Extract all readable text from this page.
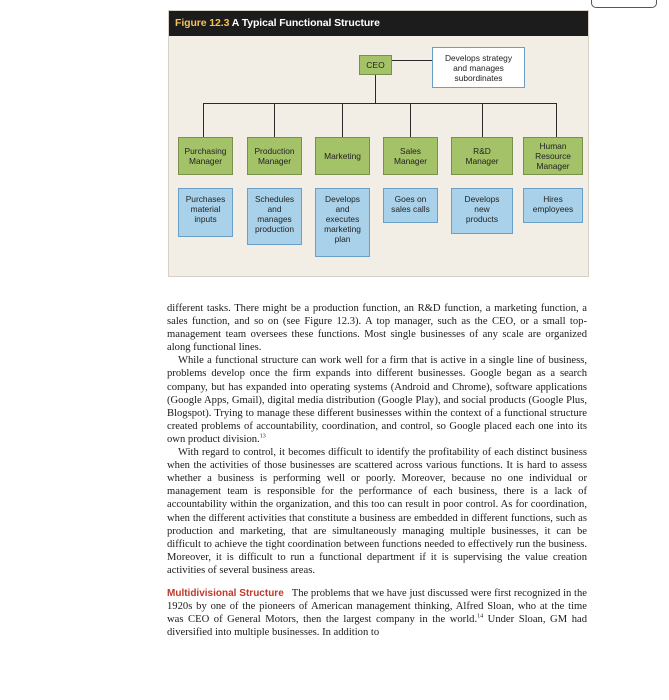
Figure 12.3 A Typical Functional Structure
CEO
Develops strategy
and manages
subordinates
Purchasing
Manager
Production
Manager	Marketing	Sales
Manager
R&D
Manager
Human
Resource
Manager
Purchases
material
inputs
Schedules
and
manages
production
Develops
and
executes
marketing
plan
Goes on
sales calls
Develops
new
products
Hires
employees

different tasks. There might be a production function, an R&D function, a marketing function, a sales function, and so on (see Figure 12.3). A top manager, such as the CEO, or a small top-management team oversees these functions. Most single businesses of any scale are organized along functional lines.

While a functional structure can work well for a firm that is active in a single line of business, problems develop once the firm expands into different businesses. Google began as a search company, but has expanded into operating systems (Android and Chrome), software applications (Google Apps, Gmail), digital media distribution (Google Play), and social products (Google Plus, Blogspot). Trying to manage these different businesses within the context of a functional structure created problems of accountability, coordination, and control, so Google placed each one into its own product division.$^{13}$

With regard to control, it becomes difficult to identify the profitability of each distinct business when the activities of those businesses are scattered across various functions. It is hard to assess whether a business is performing well or poorly. Moreover, because no one individual or management team is responsible for the performance of each business, there is a lack of accountability within the organization, and this too can result in poor control. As for coordination, when the different activities that constitute a business are embedded in different functions, such as production and marketing, that are simultaneously managing multiple businesses, it can be difficult to achieve the tight coordination between functions needed to effectively run the business. Moreover, it is difficult to run a functional department if it is supervising the value creation activities of several business areas.

Multidivisional Structure The problems that we have just discussed were first recognized in the 1920s by one of the pioneers of American management thinking, Alfred Sloan, who at the time was CEO of General Motors, then the largest company in the world.$^{14}$ Under Sloan, GM had diversified into multiple businesses. In addition to
